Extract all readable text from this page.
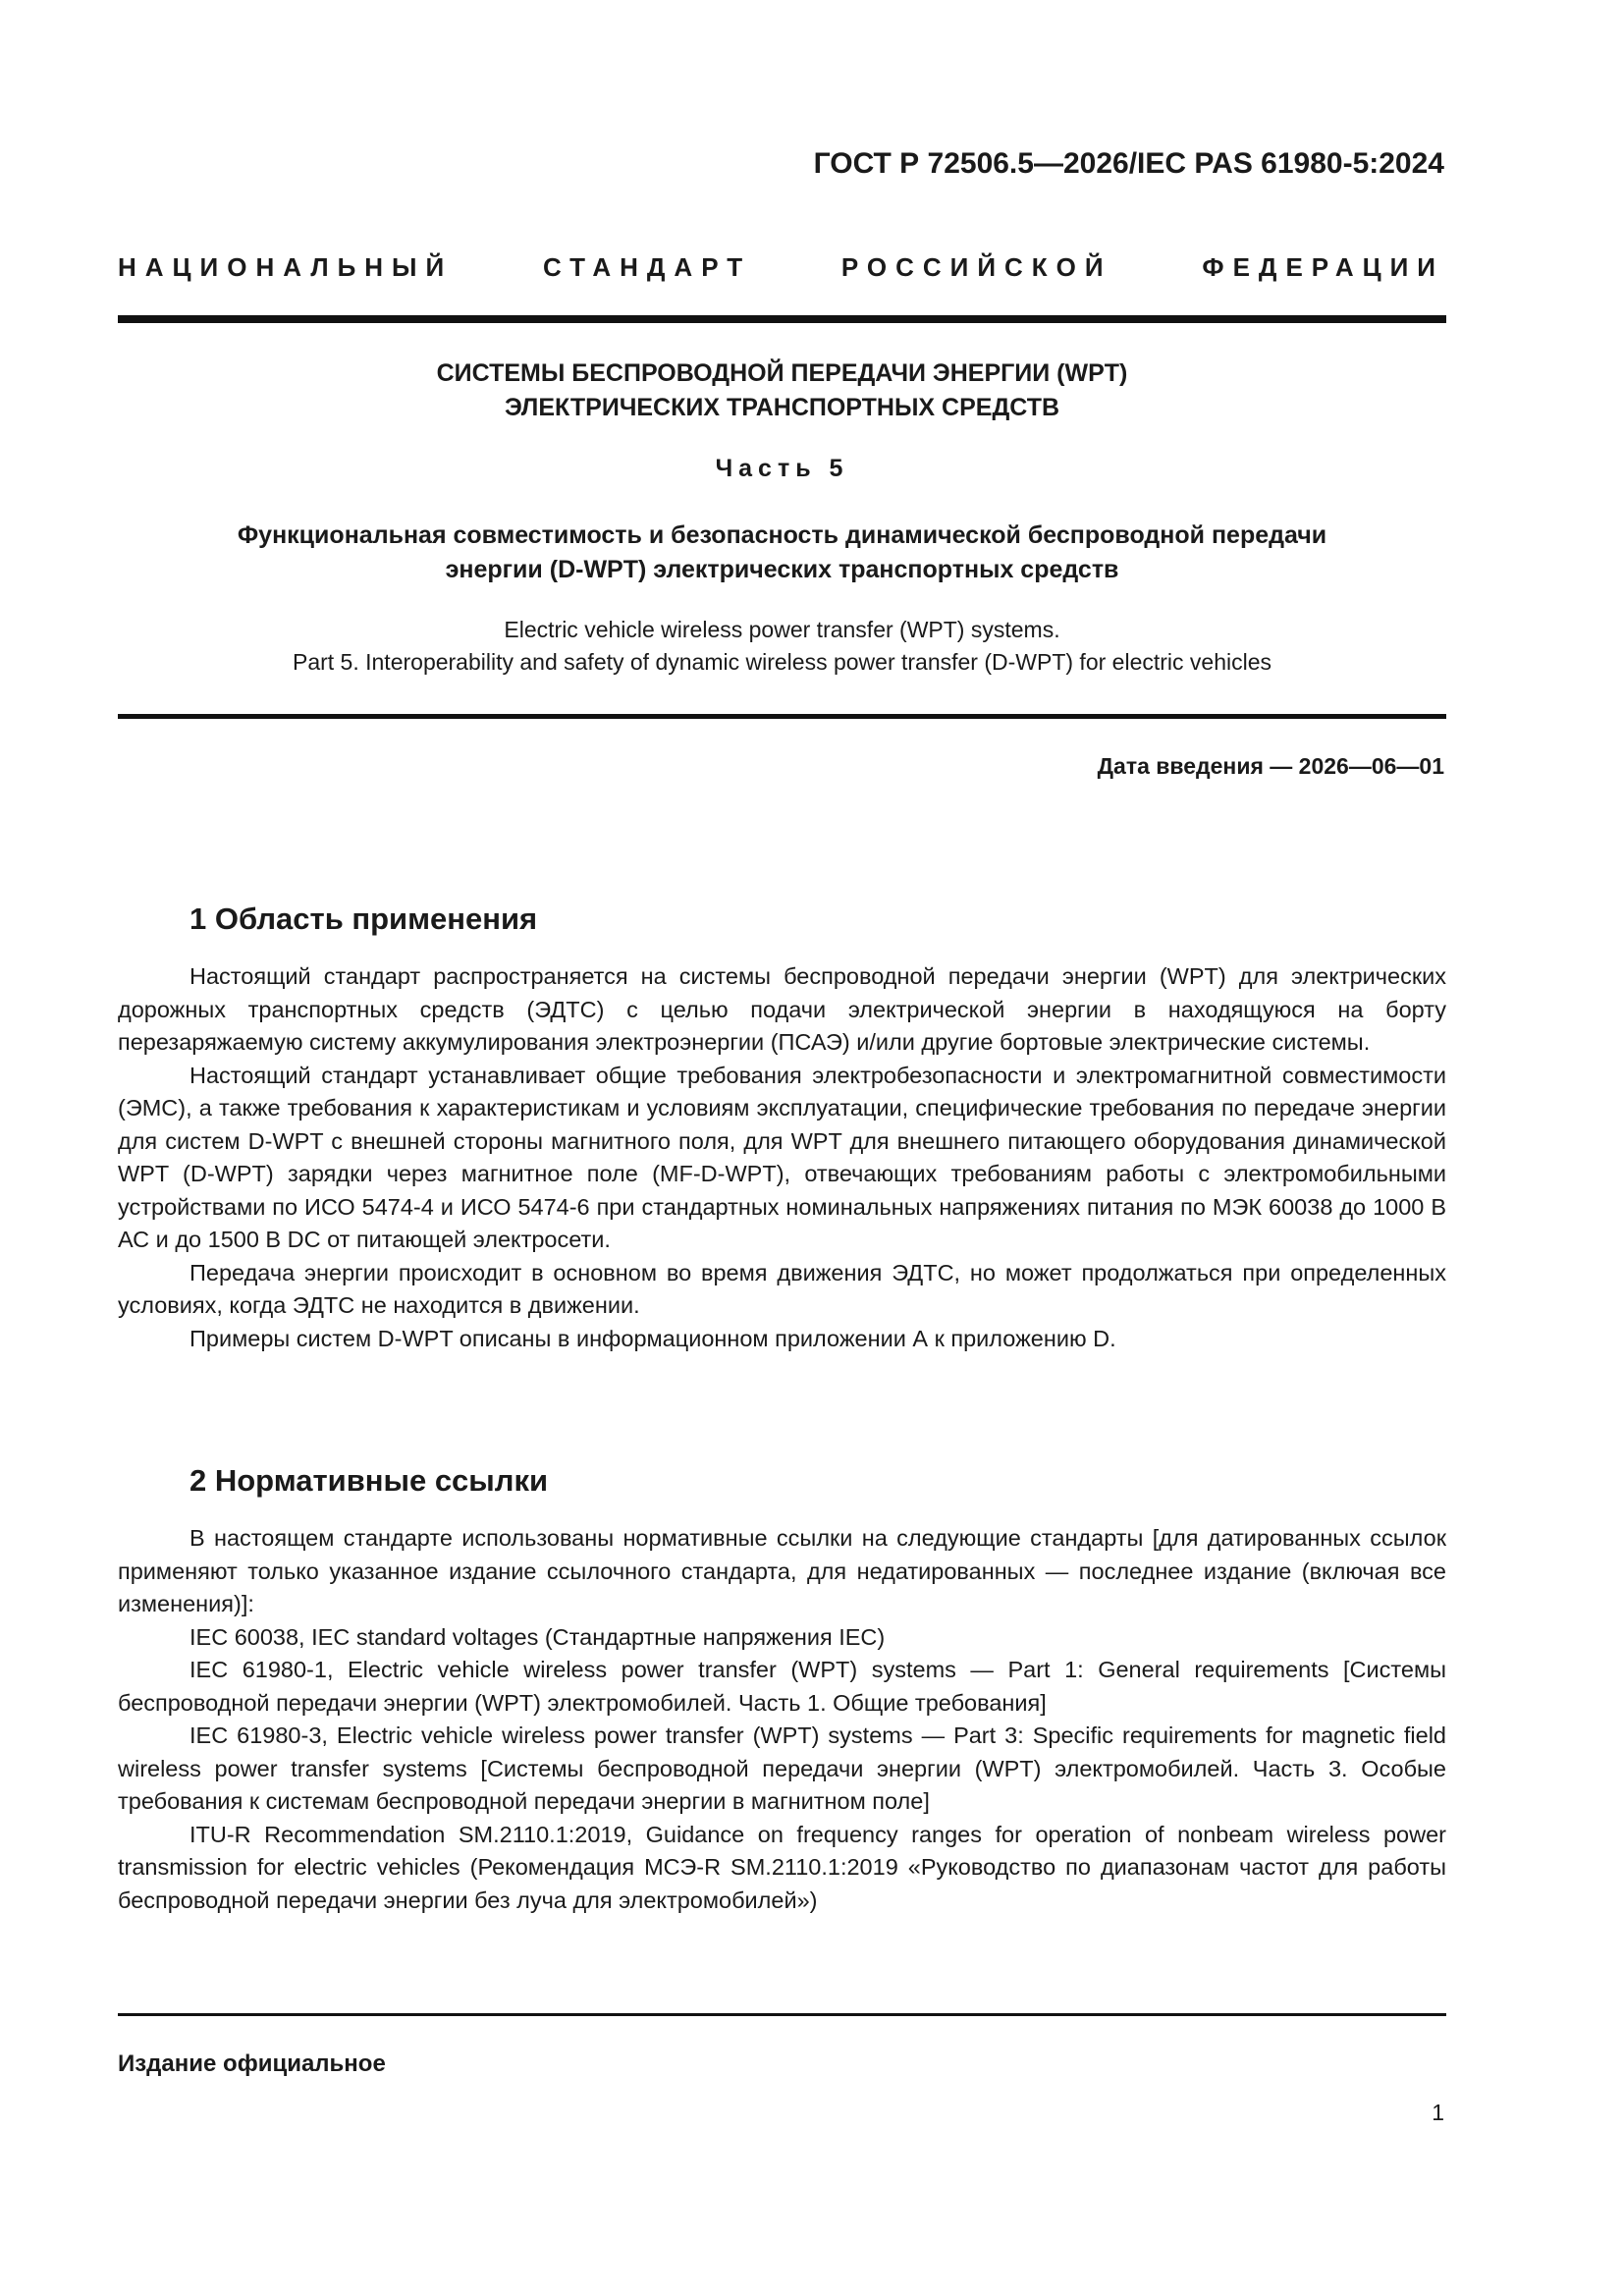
ГОСТ Р 72506.5—2026/IEC PAS 61980-5:2024
НАЦИОНАЛЬНЫЙ СТАНДАРТ РОССИЙСКОЙ ФЕДЕРАЦИИ
СИСТЕМЫ БЕСПРОВОДНОЙ ПЕРЕДАЧИ ЭНЕРГИИ (WPT)
ЭЛЕКТРИЧЕСКИХ ТРАНСПОРТНЫХ СРЕДСТВ
Часть 5
Функциональная совместимость и безопасность динамической беспроводной передачи
энергии (D-WPT) электрических транспортных средств
Electric vehicle wireless power transfer (WPT) systems.
Part 5. Interoperability and safety of dynamic wireless power transfer (D-WPT) for electric vehicles
Дата введения — 2026—06—01
1 Область применения

Настоящий стандарт распространяется на системы беспроводной передачи энергии (WPT) для электрических дорожных транспортных средств (ЭДТС) с целью подачи электрической энергии в находящуюся на борту перезаряжаемую систему аккумулирования электроэнергии (ПСАЭ) и/или другие бортовые электрические системы.

Настоящий стандарт устанавливает общие требования электробезопасности и электромагнитной совместимости (ЭМС), а также требования к характеристикам и условиям эксплуатации, специфические требования по передаче энергии для систем D-WPT с внешней стороны магнитного поля, для WPT для внешнего питающего оборудования динамической WPT (D-WPT) зарядки через магнитное поле (MF-D-WPT), отвечающих требованиям работы с электромобильными устройствами по ИСО 5474-4 и ИСО 5474-6 при стандартных номинальных напряжениях питания по МЭК 60038 до 1000 В АС и до 1500 В DC от питающей электросети.

Передача энергии происходит в основном во время движения ЭДТС, но может продолжаться при определенных условиях, когда ЭДТС не находится в движении.

Примеры систем D-WPT описаны в информационном приложении А к приложению D.

2 Нормативные ссылки

В настоящем стандарте использованы нормативные ссылки на следующие стандарты [для датированных ссылок применяют только указанное издание ссылочного стандарта, для недатированных — последнее издание (включая все изменения)]:

IEC 60038, IEC standard voltages (Стандартные напряжения IEC)

IEC 61980-1, Electric vehicle wireless power transfer (WPT) systems — Part 1: General requirements [Системы беспроводной передачи энергии (WPT) электромобилей. Часть 1. Общие требования]

IEC 61980-3, Electric vehicle wireless power transfer (WPT) systems — Part 3: Specific requirements for magnetic field wireless power transfer systems [Системы беспроводной передачи энергии (WPT) электромобилей. Часть 3. Особые требования к системам беспроводной передачи энергии в магнитном поле]

ITU-R Recommendation SM.2110.1:2019, Guidance on frequency ranges for operation of nonbeam wireless power transmission for electric vehicles (Рекомендация МСЭ-R SM.2110.1:2019 «Руководство по диапазонам частот для работы беспроводной передачи энергии без луча для электромобилей»)

Издание официальное
1
